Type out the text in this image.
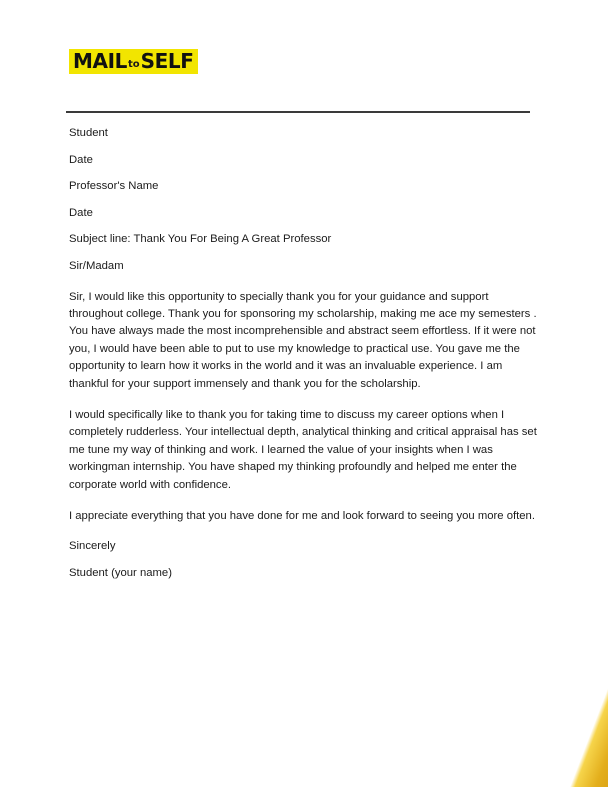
MAIL to SELF

Student

Date

Professor's Name

Date

Subject line: Thank You For Being A Great Professor

Sir/Madam

Sir, I would like this opportunity to specially thank you for your guidance and support throughout college. Thank you for sponsoring my scholarship, making me ace my semesters . You have always made the most incomprehensible and abstract seem effortless. If it were not you, I would have been able to put to use my knowledge to practical use. You gave me the opportunity to learn how it works in the world and it was an invaluable experience. I am thankful for your support immensely and thank you for the scholarship.

I would specifically like to thank you for taking time to discuss my career options when I completely rudderless. Your intellectual depth, analytical thinking and critical appraisal has set me tune my way of thinking and work. I learned the value of your insights when I was workingman internship. You have shaped my thinking profoundly and helped me enter the corporate world with confidence.

I appreciate everything that you have done for me and look forward to seeing you more often.

Sincerely

Student (your name)
